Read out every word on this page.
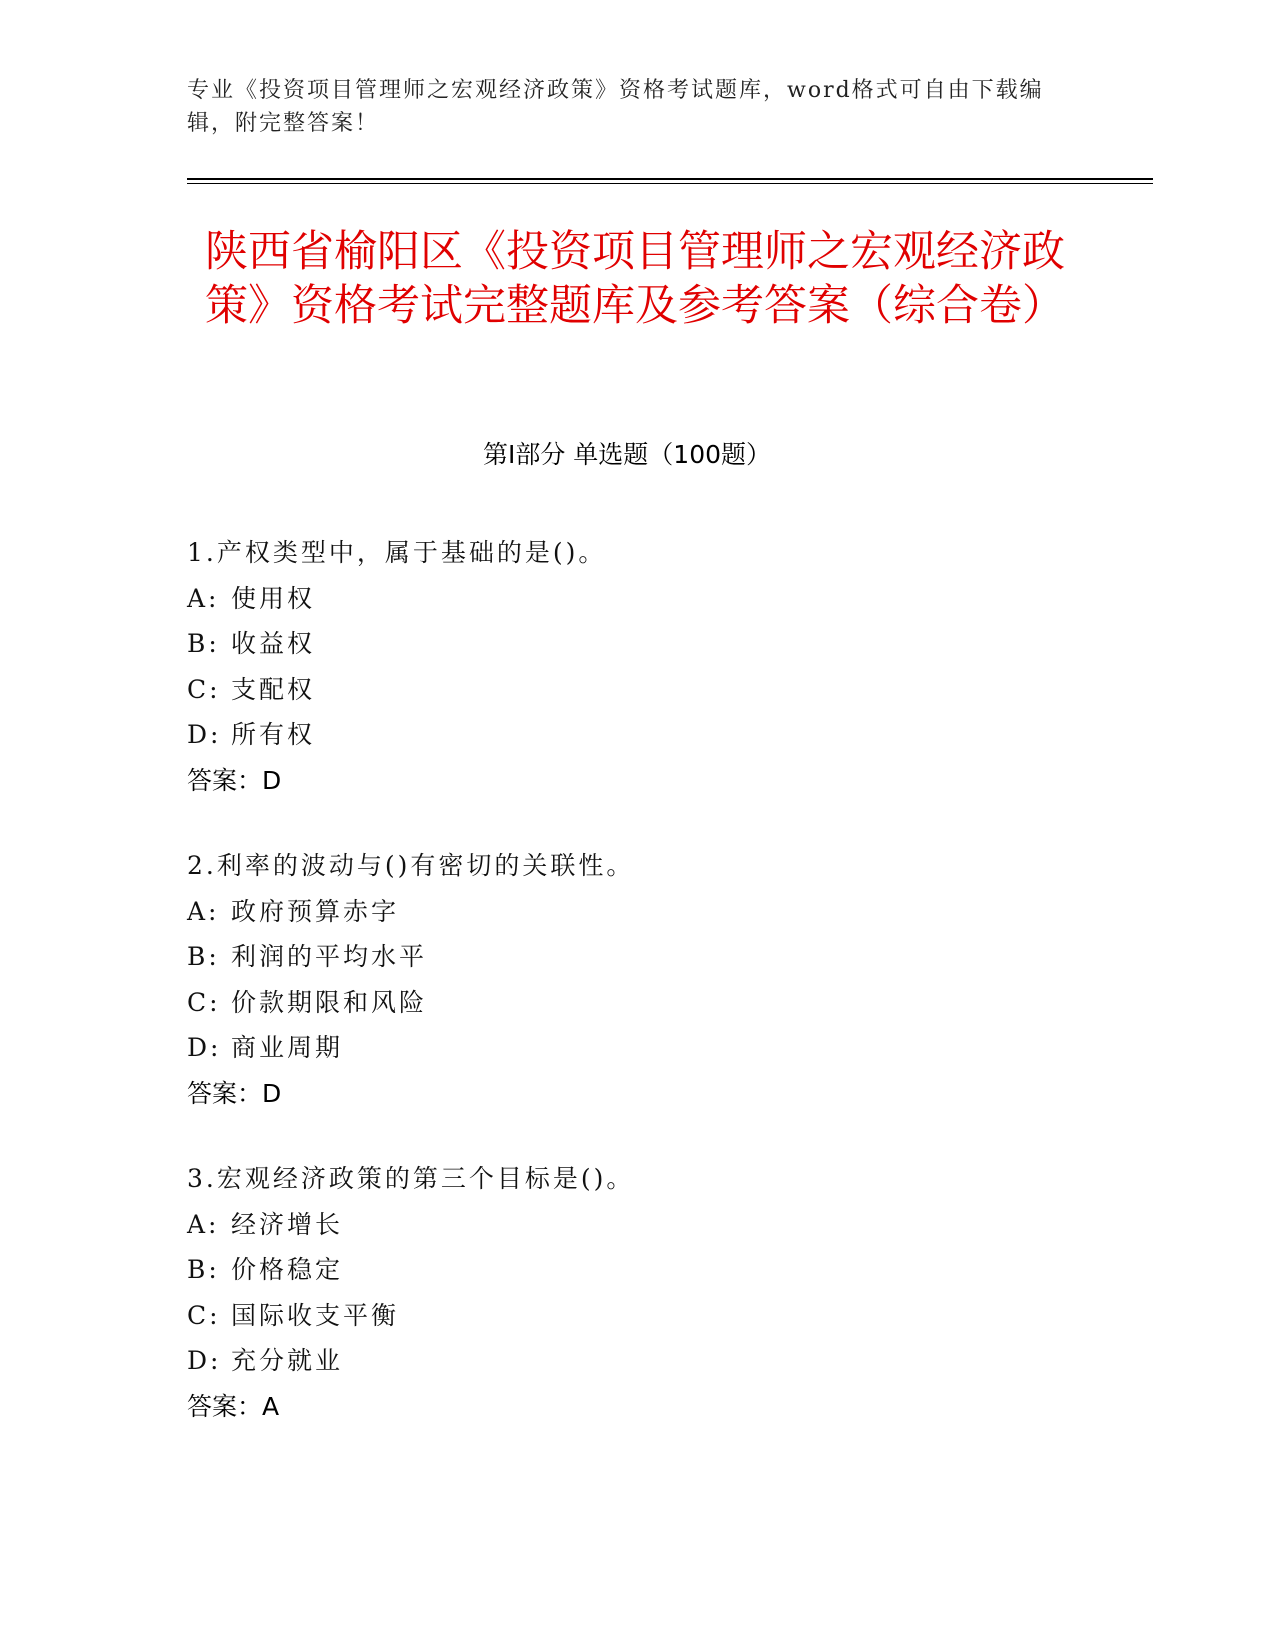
专业《投资项目管理师之宏观经济政策》资格考试题库，word格式可自由下载编辑，附完整答案！
陕西省榆阳区《投资项目管理师之宏观经济政策》资格考试完整题库及参考答案（综合卷）
第I部分 单选题（100题）
1.产权类型中，属于基础的是()。
A: 使用权
B: 收益权
C: 支配权
D: 所有权
答案：D
2.利率的波动与()有密切的关联性。
A: 政府预算赤字
B: 利润的平均水平
C: 价款期限和风险
D: 商业周期
答案：D
3.宏观经济政策的第三个目标是()。
A: 经济增长
B: 价格稳定
C: 国际收支平衡
D: 充分就业
答案：A
